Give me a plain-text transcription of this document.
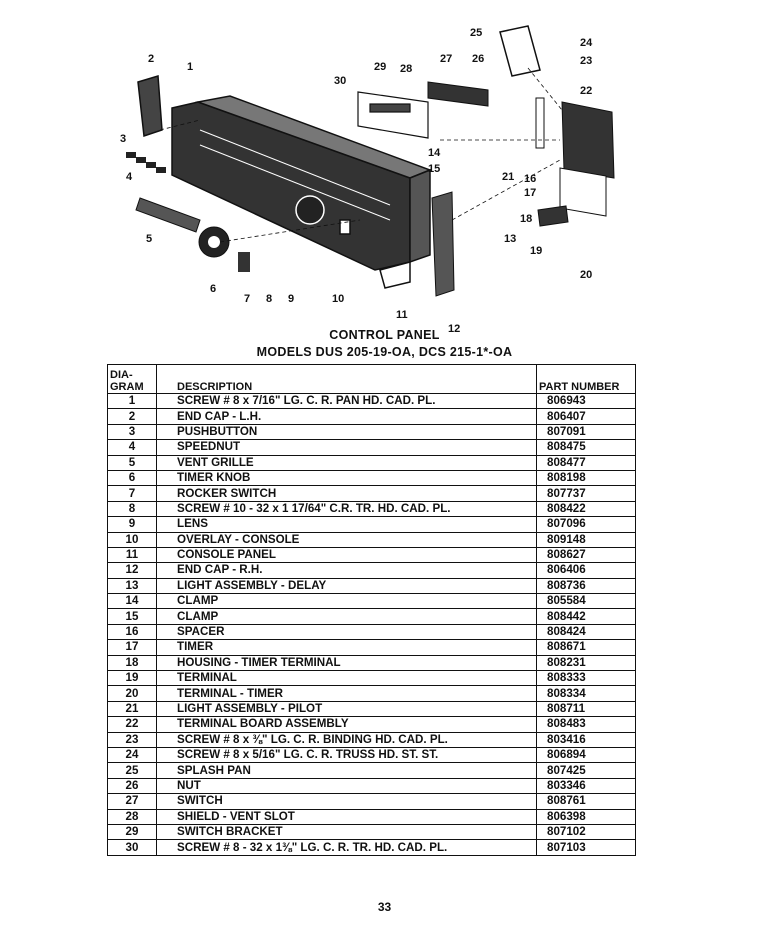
1
2
3
4
5
6
7 8 9	10
11
12
13
14
15
16
17
18
19
20
21
22
23
24
25
26
27
28
29
30
CONTROL PANEL
MODELS DUS 205-19-OA, DCS 215-1*-OA
DIA-
GRAM	DESCRIPTION	PART NUMBER
1	SCREW # 8 x 7/16" LG. C. R. PAN HD. CAD. PL.	806943
2	END CAP - L.H.	806407
3	PUSHBUTTON	807091
4	SPEEDNUT	808475
5	VENT GRILLE	808477
6	TIMER KNOB	808198
7	ROCKER SWITCH	807737
8	SCREW # 10 - 32 x 1 17/64" C.R. TR. HD. CAD. PL.	808422
9	LENS	807096
10	OVERLAY - CONSOLE	809148
11	CONSOLE PANEL	808627
12	END CAP - R.H.	806406
13	LIGHT ASSEMBLY - DELAY	808736
14	CLAMP	805584
15	CLAMP	808442
16	SPACER	808424
17	TIMER	808671
18	HOUSING - TIMER TERMINAL	808231
19	TERMINAL	808333
20	TERMINAL - TIMER	808334
21	LIGHT ASSEMBLY - PILOT	808711
22	TERMINAL BOARD ASSEMBLY	808483
23	SCREW # 8 x ⅜" LG. C. R. BINDING HD. CAD. PL.	803416
24	SCREW # 8 x 5/16" LG. C. R. TRUSS HD. ST. ST.	806894
25	SPLASH PAN	807425
26	NUT	803346
27	SWITCH	808761
28	SHIELD - VENT SLOT	806398
29	SWITCH BRACKET	807102
30	SCREW # 8 - 32 x 1⅜" LG. C. R. TR. HD. CAD. PL.	807103
33
